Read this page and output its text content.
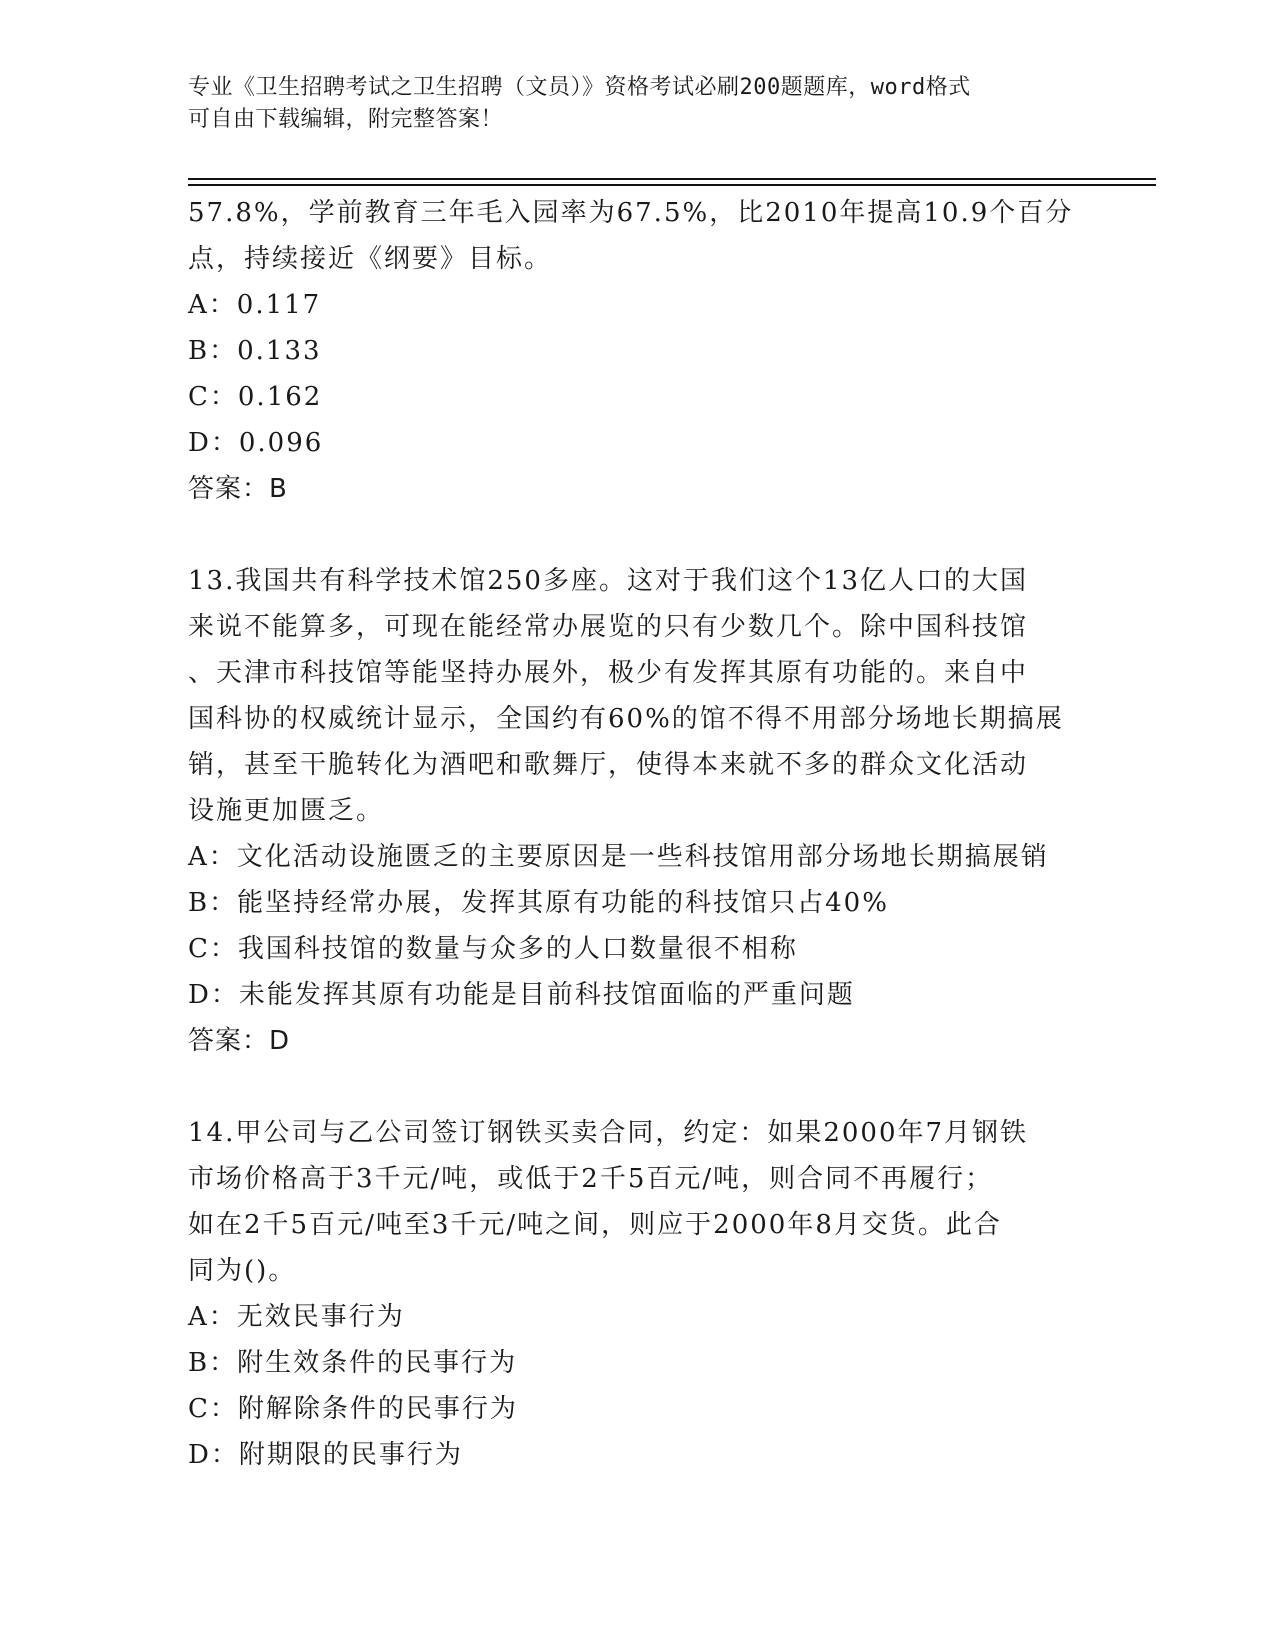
专业《卫生招聘考试之卫生招聘（文员）》资格考试必刷200题题库，word格式
可自由下载编辑，附完整答案！
57.8%，学前教育三年毛入园率为67.5%，比2010年提高10.9个百分
点，持续接近《纲要》目标。
A：0.117
B：0.133
C：0.162
D：0.096
答案：B
13.我国共有科学技术馆250多座。这对于我们这个13亿人口的大国
来说不能算多，可现在能经常办展览的只有少数几个。除中国科技馆
、天津市科技馆等能坚持办展外，极少有发挥其原有功能的。来自中
国科协的权威统计显示，全国约有60%的馆不得不用部分场地长期搞展
销，甚至干脆转化为酒吧和歌舞厅，使得本来就不多的群众文化活动
设施更加匮乏。
A：文化活动设施匮乏的主要原因是一些科技馆用部分场地长期搞展销
B：能坚持经常办展，发挥其原有功能的科技馆只占40%
C：我国科技馆的数量与众多的人口数量很不相称
D：未能发挥其原有功能是目前科技馆面临的严重问题
答案：D
14.甲公司与乙公司签订钢铁买卖合同，约定：如果2000年7月钢铁
市场价格高于3千元/吨，或低于2千5百元/吨，则合同不再履行；
如在2千5百元/吨至3千元/吨之间，则应于2000年8月交货。此合
同为()。
A：无效民事行为
B：附生效条件的民事行为
C：附解除条件的民事行为
D：附期限的民事行为
